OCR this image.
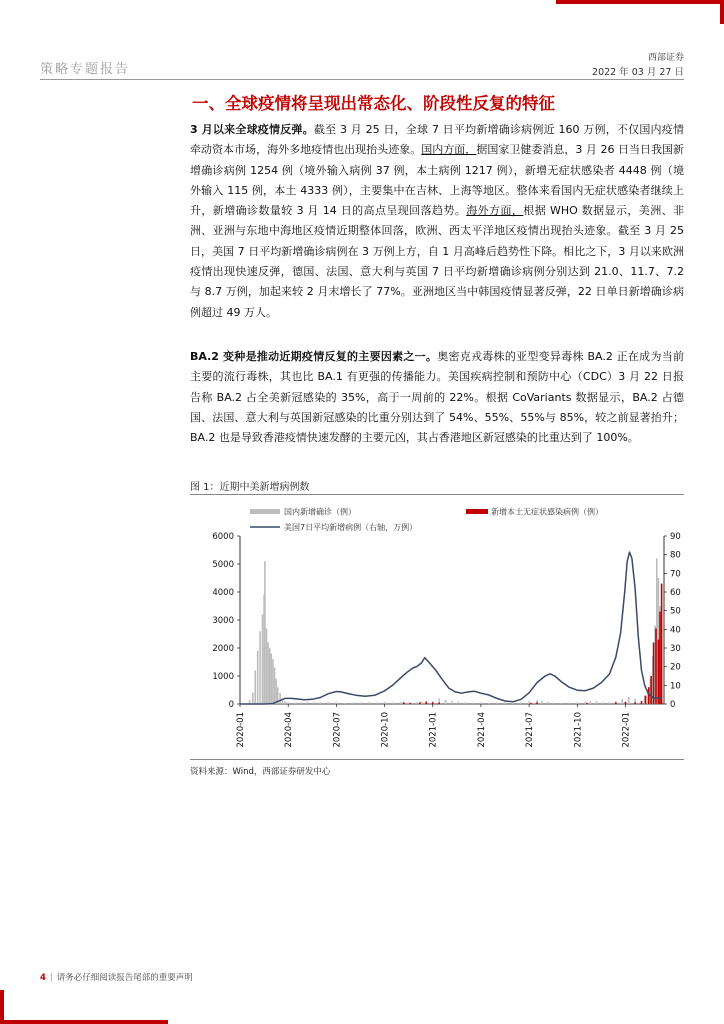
策略专题报告
西部证券
2022 年 03 月 27 日
一、全球疫情将呈现出常态化、阶段性反复的特征

3 月以来全球疫情反弹。截至 3 月 25 日，全球 7 日平均新增确诊病例近 160 万例，不仅国内疫情牵动资本市场，海外多地疫情也出现抬头迹象。国内方面，据国家卫健委消息，3 月 26 日当日我国新增确诊病例 1254 例（境外输入病例 37 例，本土病例 1217 例），新增无症状感染者 4448 例（境外输入 115 例，本土 4333 例），主要集中在吉林、上海等地区。整体来看国内无症状感染者继续上升，新增确诊数量较 3 月 14 日的高点呈现回落趋势。海外方面，根据 WHO 数据显示，美洲、非洲、亚洲与东地中海地区疫情近期整体回落，欧洲、西太平洋地区疫情出现抬头迹象。截至 3 月 25 日，美国 7 日平均新增确诊病例在 3 万例上方，自 1 月高峰后趋势性下降。相比之下，3 月以来欧洲疫情出现快速反弹，德国、法国、意大利与英国 7 日平均新增确诊病例分别达到 21.0、11.7、7.2 与 8.7 万例，加起来较 2 月末增长了 77%。亚洲地区当中韩国疫情显著反弹，22 日单日新增确诊病例超过 49 万人。

BA.2 变种是推动近期疫情反复的主要因素之一。奥密克戎毒株的亚型变异毒株 BA.2 正在成为当前主要的流行毒株，其也比 BA.1 有更强的传播能力。美国疾病控制和预防中心（CDC）3 月 22 日报告称 BA.2 占全美新冠感染的 35%，高于一周前的 22%。根据 CoVariants 数据显示，BA.2 占德国、法国、意大利与英国新冠感染的比重分别达到了 54%、55%、55%与 85%，较之前显著抬升；BA.2 也是导致香港疫情快速发酵的主要元凶，其占香港地区新冠感染的比重达到了 100%。

图 1：近期中美新增病例数
国内新增确诊（例）	新增本土无症状感染病例（例）
美国7日平均新增病例（右轴，万例）
0
1000
2000
3000
4000
5000
6000
0
10
20
30
40
50
60
70
80
90
2020-01	2020-04	2020-07	2020-10	2021-01	2021-04	2021-07	2021-10	2022-01
资料来源：Wind，西部证券研发中心
4 | 请务必仔细阅读报告尾部的重要声明
